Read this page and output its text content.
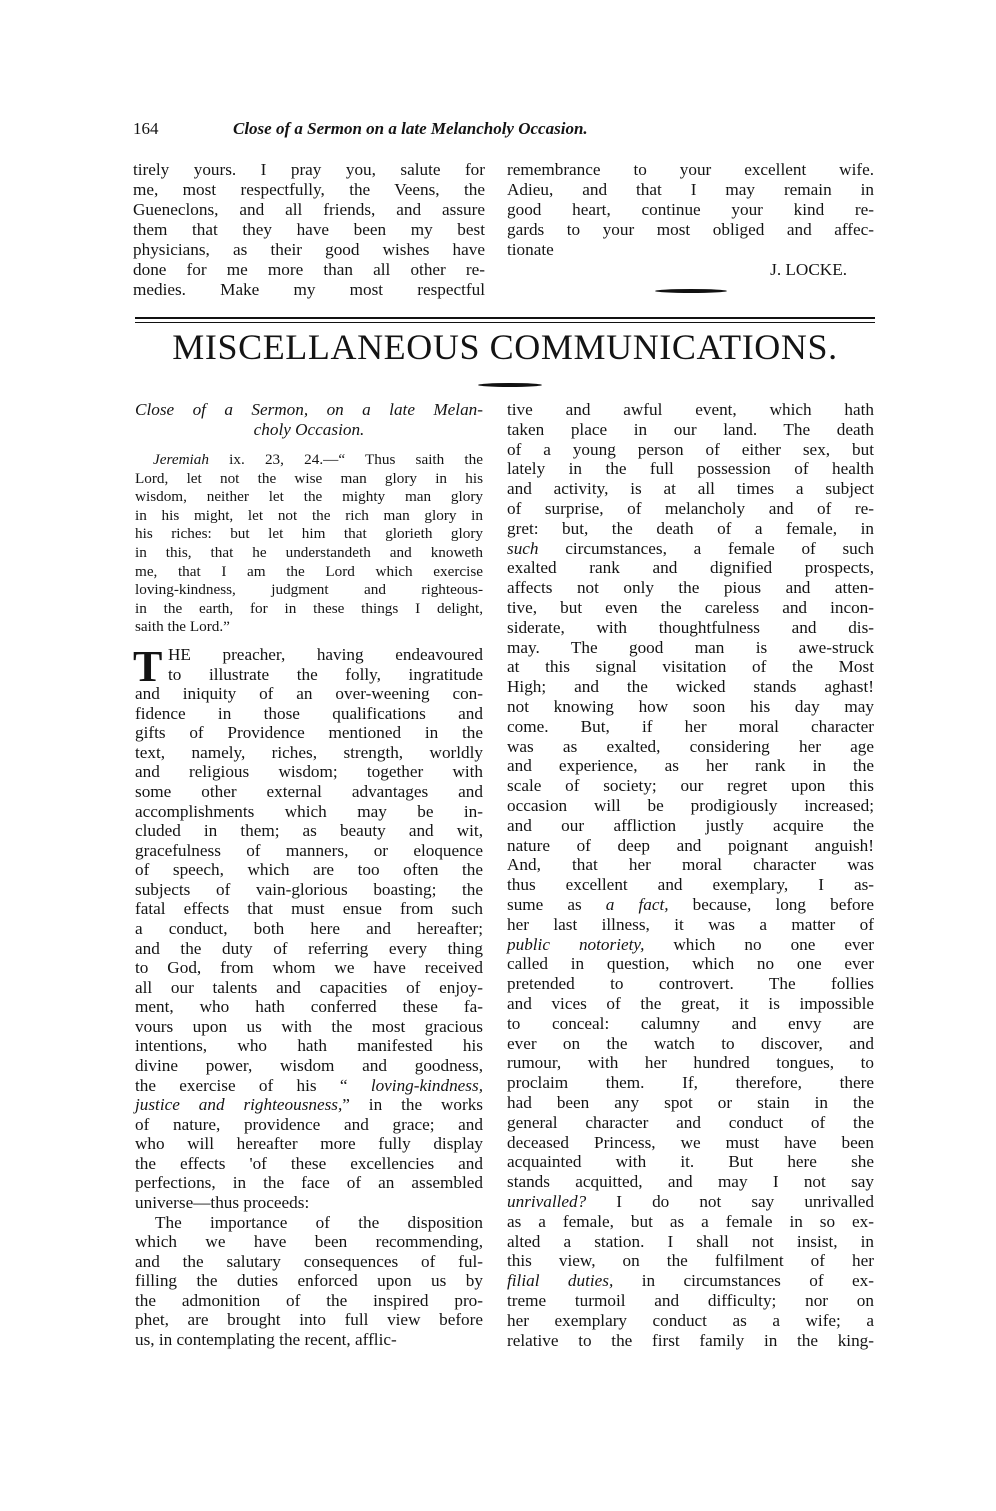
164	Close of a Sermon on a late Melancholy Occasion.
tirely yours. I pray you, salute for
me, most respectfully, the Veens, the
Gueneclons, and all friends, and assure
them that they have been my best
physicians, as their good wishes have
done for me more than all other re-
medies. Make my most respectful
remembrance to your excellent wife.
Adieu, and that I may remain in
good heart, continue your kind re-
gards to your most obliged and affec-
tionate
J. LOCKE.
MISCELLANEOUS COMMUNICATIONS.
Close of a Sermon, on a late Melan-
choly Occasion.
Jeremiah ix. 23, 24.—“ Thus saith the
Lord, let not the wise man glory in his
wisdom, neither let the mighty man glory
in his might, let not the rich man glory in
his riches: but let him that glorieth glory
in this, that he understandeth and knoweth
me, that I am the Lord which exercise
loving-kindness, judgment and righteous-
in the earth, for in these things I delight,
saith the Lord.”
T HE preacher, having endeavoured
to illustrate the folly, ingratitude
and iniquity of an over-weening con-
fidence in those qualifications and
gifts of Providence mentioned in the
text, namely, riches, strength, worldly
and religious wisdom; together with
some other external advantages and
accomplishments which may be in-
cluded in them; as beauty and wit,
gracefulness of manners, or eloquence
of speech, which are too often the
subjects of vain-glorious boasting; the
fatal effects that must ensue from such
a conduct, both here and hereafter;
and the duty of referring every thing
to God, from whom we have received
all our talents and capacities of enjoy-
ment, who hath conferred these fa-
vours upon us with the most gracious
intentions, who hath manifested his
divine power, wisdom and goodness,
the exercise of his “ loving-kindness,
justice and righteousness,” in the works
of nature, providence and grace; and
who will hereafter more fully display
the effects 'of these excellencies and
perfections, in the face of an assembled
universe—thus proceeds:
The importance of the disposition
which we have been recommending,
and the salutary consequences of ful-
filling the duties enforced upon us by
the admonition of the inspired pro-
phet, are brought into full view before
us, in contemplating the recent, afflic-
tive and awful event, which hath
taken place in our land. The death
of a young person of either sex, but
lately in the full possession of health
and activity, is at all times a subject
of surprise, of melancholy and of re-
gret: but, the death of a female, in
such circumstances, a female of such
exalted rank and dignified prospects,
affects not only the pious and atten-
tive, but even the careless and incon-
siderate, with thoughtfulness and dis-
may. The good man is awe-struck
at this signal visitation of the Most
High; and the wicked stands aghast!
not knowing how soon his day may
come. But, if her moral character
was as exalted, considering her age
and experience, as her rank in the
scale of society; our regret upon this
occasion will be prodigiously increased;
and our affliction justly acquire the
nature of deep and poignant anguish!
And, that her moral character was
thus excellent and exemplary, I as-
sume as a fact, because, long before
her last illness, it was a matter of
public notoriety, which no one ever
called in question, which no one ever
pretended to controvert. The follies
and vices of the great, it is impossible
to conceal: calumny and envy are
ever on the watch to discover, and
rumour, with her hundred tongues, to
proclaim them. If, therefore, there
had been any spot or stain in the
general character and conduct of the
deceased Princess, we must have been
acquainted with it. But here she
stands acquitted, and may I not say
unrivalled? I do not say unrivalled
as a female, but as a female in so ex-
alted a station. I shall not insist, in
this view, on the fulfilment of her
filial duties, in circumstances of ex-
treme turmoil and difficulty; nor on
her exemplary conduct as a wife; a
relative to the first family in the king-
